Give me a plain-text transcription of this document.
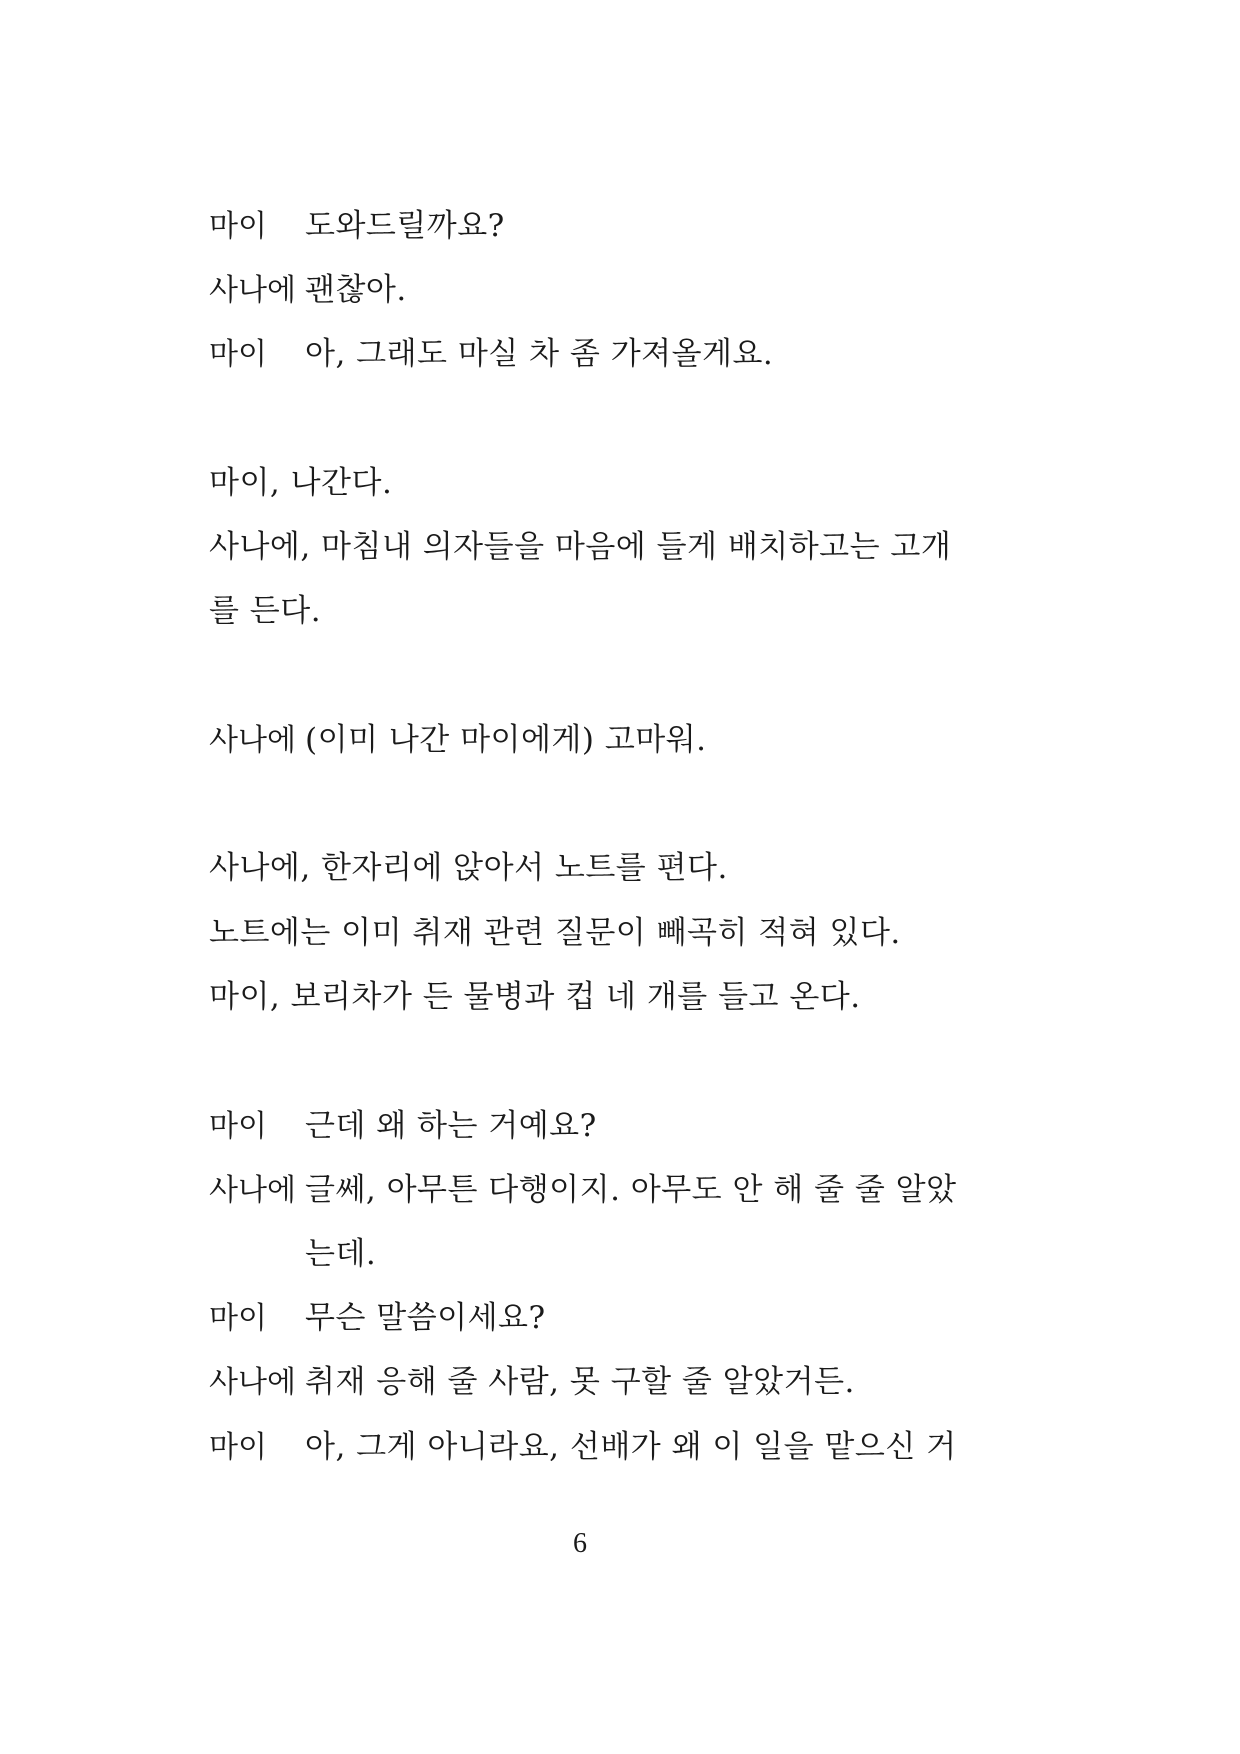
마이 도와드릴까요?
사나에 괜찮아.
마이 아, 그래도 마실 차 좀 가져올게요.
마이, 나간다.
사나에, 마침내 의자들을 마음에 들게 배치하고는 고개
를 든다.
사나에 (이미 나간 마이에게) 고마워.
사나에, 한자리에 앉아서 노트를 편다.
노트에는 이미 취재 관련 질문이 빼곡히 적혀 있다.
마이, 보리차가 든 물병과 컵 네 개를 들고 온다.
마이 근데 왜 하는 거예요?
사나에 글쎄, 아무튼 다행이지. 아무도 안 해 줄 줄 알았
는데.
마이 무슨 말씀이세요?
사나에 취재 응해 줄 사람, 못 구할 줄 알았거든.
마이 아, 그게 아니라요, 선배가 왜 이 일을 맡으신 거
6
